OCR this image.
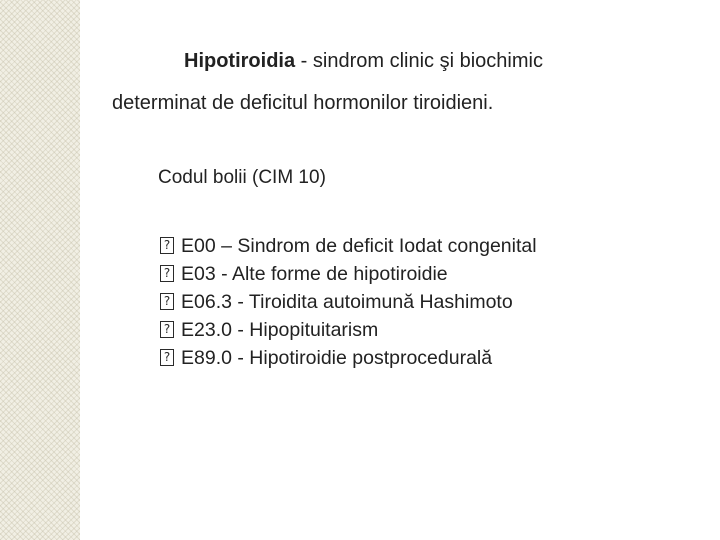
Hipotiroidia - sindrom clinic şi biochimic
determinat de deficitul hormonilor tiroidieni.
Codul bolii (CIM 10)
? E00 – Sindrom de deficit Iodat congenital
? E03 - Alte forme de hipotiroidie
? E06.3 - Tiroidita autoimună Hashimoto
? E23.0 - Hipopituitarism
? E89.0 - Hipotiroidie postprocedurală
